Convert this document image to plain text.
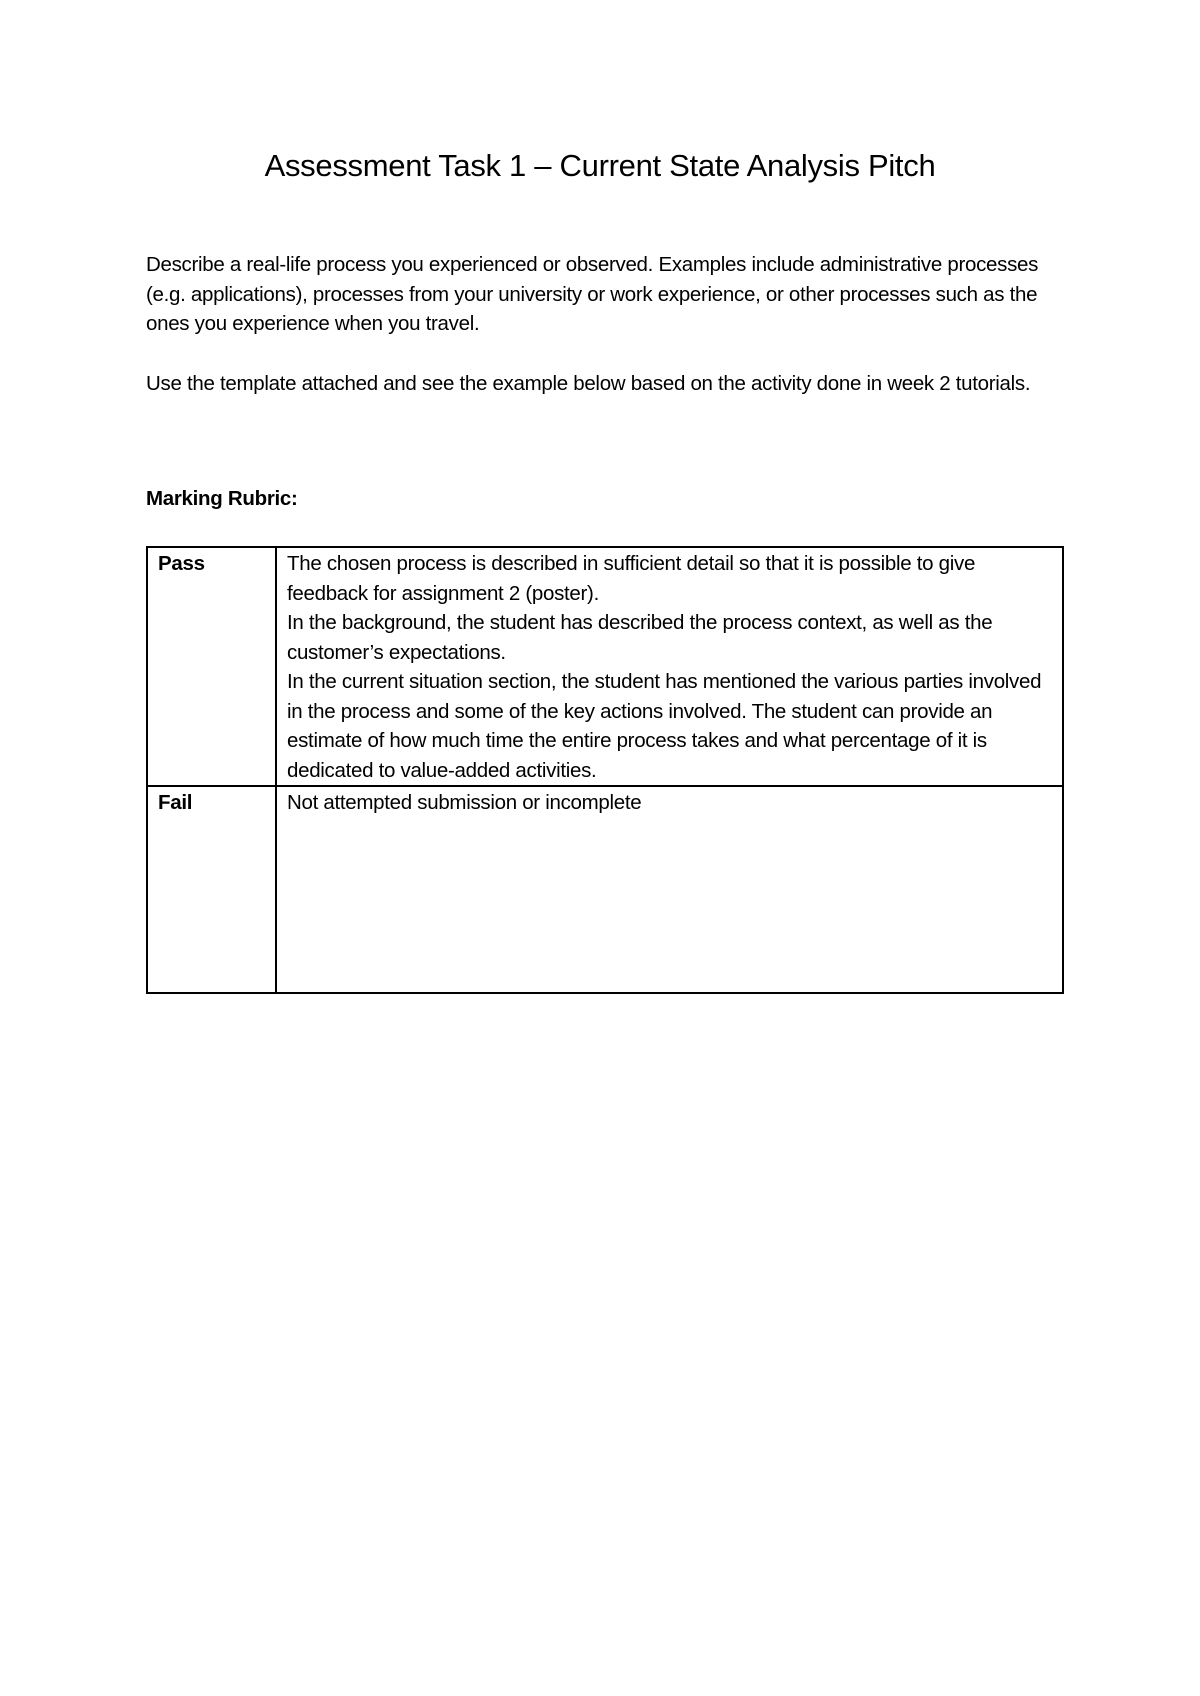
Assessment Task 1 – Current State Analysis Pitch

Describe a real-life process you experienced or observed. Examples include administrative processes (e.g. applications), processes from your university or work experience, or other processes such as the ones you experience when you travel.

Use the template attached and see the example below based on the activity done in week 2 tutorials.

Marking Rubric:

Pass	The chosen process is described in sufficient detail so that it is possible to give feedback for assignment 2 (poster).
In the background, the student has described the process context, as well as the customer’s expectations.
In the current situation section, the student has mentioned the various parties involved in the process and some of the key actions involved. The student can provide an estimate of how much time the entire process takes and what percentage of it is dedicated to value-added activities.

Fail	Not attempted submission or incomplete
